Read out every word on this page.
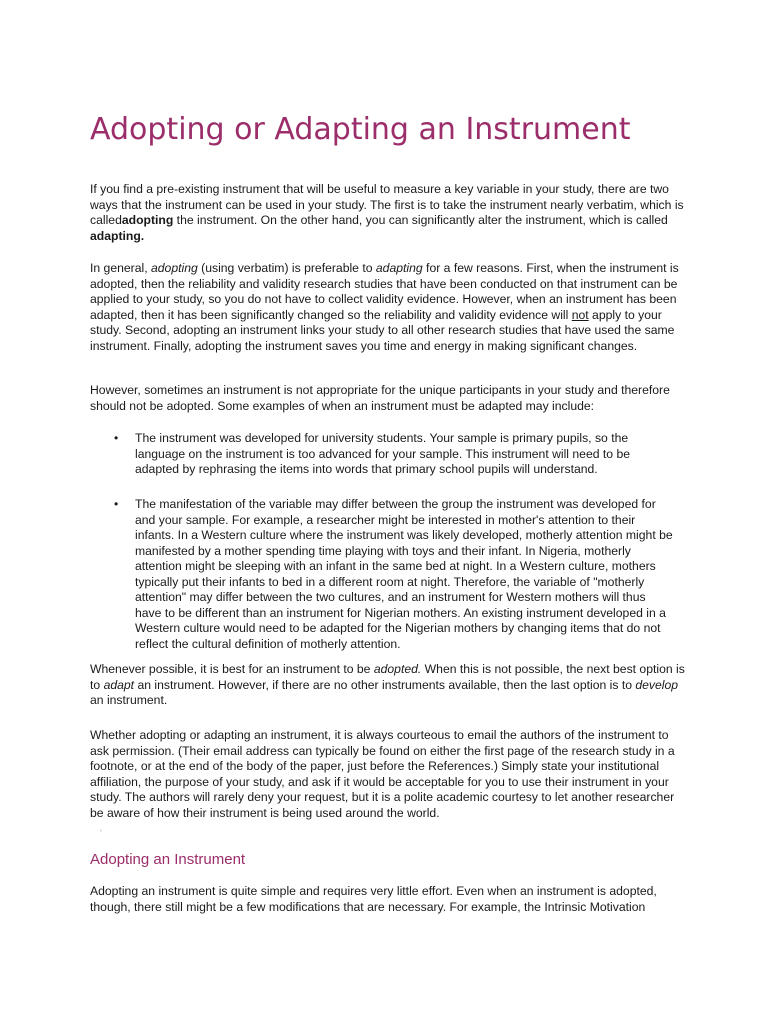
Adopting or Adapting an Instrument

If you find a pre-existing instrument that will be useful to measure a key variable in your study, there are two ways that the instrument can be used in your study. The first is to take the instrument nearly verbatim, which is calledadopting the instrument. On the other hand, you can significantly alter the instrument, which is called adapting.

In general, adopting (using verbatim) is preferable to adapting for a few reasons. First, when the instrument is adopted, then the reliability and validity research studies that have been conducted on that instrument can be applied to your study, so you do not have to collect validity evidence. However, when an instrument has been adapted, then it has been significantly changed so the reliability and validity evidence will not apply to your study. Second, adopting an instrument links your study to all other research studies that have used the same instrument. Finally, adopting the instrument saves you time and energy in making significant changes.

However, sometimes an instrument is not appropriate for the unique participants in your study and therefore should not be adopted. Some examples of when an instrument must be adapted may include:

• The instrument was developed for university students. Your sample is primary pupils, so the language on the instrument is too advanced for your sample. This instrument will need to be adapted by rephrasing the items into words that primary school pupils will understand.
• The manifestation of the variable may differ between the group the instrument was developed for and your sample. For example, a researcher might be interested in mother's attention to their infants. In a Western culture where the instrument was likely developed, motherly attention might be manifested by a mother spending time playing with toys and their infant. In Nigeria, motherly attention might be sleeping with an infant in the same bed at night. In a Western culture, mothers typically put their infants to bed in a different room at night. Therefore, the variable of "motherly attention" may differ between the two cultures, and an instrument for Western mothers will thus have to be different than an instrument for Nigerian mothers. An existing instrument developed in a Western culture would need to be adapted for the Nigerian mothers by changing items that do not reflect the cultural definition of motherly attention.

Whenever possible, it is best for an instrument to be adopted. When this is not possible, the next best option is to adapt an instrument. However, if there are no other instruments available, then the last option is to develop an instrument.

Whether adopting or adapting an instrument, it is always courteous to email the authors of the instrument to ask permission. (Their email address can typically be found on either the first page of the research study in a footnote, or at the end of the body of the paper, just before the References.) Simply state your institutional affiliation, the purpose of your study, and ask if it would be acceptable for you to use their instrument in your study. The authors will rarely deny your request, but it is a polite academic courtesy to let another researcher be aware of how their instrument is being used around the world.

'
Adopting an Instrument

Adopting an instrument is quite simple and requires very little effort. Even when an instrument is adopted, though, there still might be a few modifications that are necessary. For example, the Intrinsic Motivation
